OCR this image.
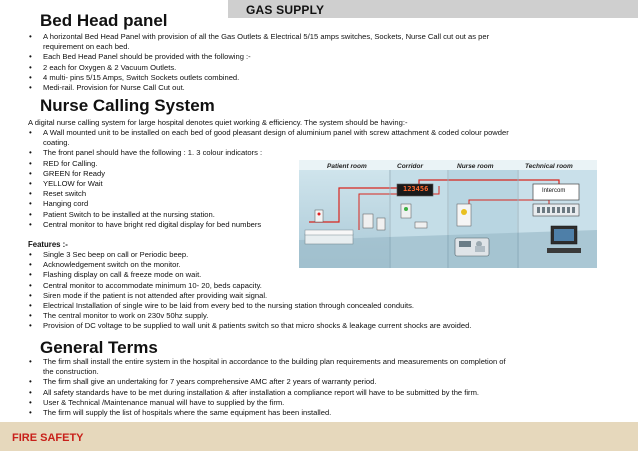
GAS SUPPLY
Bed Head panel
• A horizontal Bed Head Panel with provision of all the Gas Outlets & Electrical 5/15 amps switches, Sockets, Nurse Call cut out as per
requirement on each bed.
• Each Bed Head Panel should be provided with the following :-
• 2 each for Oxygen & 2 Vacuum Outlets.
• 4 multi- pins 5/15 Amps, Switch Sockets outlets combined.
• Medi-rail. Provision for Nurse Call Cut out.
Nurse Calling System

A digital nurse calling system for large hospital denotes quiet working & efficiency. The system should be having:-

• A Wall mounted unit to be installed on each bed of good pleasant design of aluminium panel with screw attachment & coded colour powder
coating.
• The front panel should have the following : 1. 3 colour indicators :
• RED for Calling.
• GREEN for Ready
• YELLOW for Wait
• Reset switch
• Hanging cord
• Patient Switch to be installed at the nursing station.
• Central monitor to have bright red digital display for bed numbers

Features :-

• Single 3 Sec beep on call or Periodic beep.
• Acknowledgement switch on the monitor.
• Flashing display on call & freeze mode on wait.
• Central monitor to accommodate minimum 10- 20, beds capacity.
• Siren mode if the patient is not attended after providing wait signal.
• Electrical Installation of single wire to be laid from every bed to the nursing station through concealed conduits.
• The central monitor to work on 230v 50hz supply.
• Provision of DC voltage to be supplied to wall unit & patients switch so that micro shocks & leakage current shocks are avoided.
Patient room	Corridor	Nurse room	Technical room
123456	Intercom
General Terms
• The firm shall install the entire system in the hospital in accordance to the building plan requirements and measurements on completion of
the construction.
• The firm shall give an undertaking for 7 years comprehensive AMC after 2 years of warranty period.
• All safety standards have to be met during installation & after installation a compliance report will have to be submitted by the firm.
• User & Technical /Maintenance manual will have to supplied by the firm.
• The firm will supply the list of hospitals where the same equipment has been installed.
FIRE SAFETY
